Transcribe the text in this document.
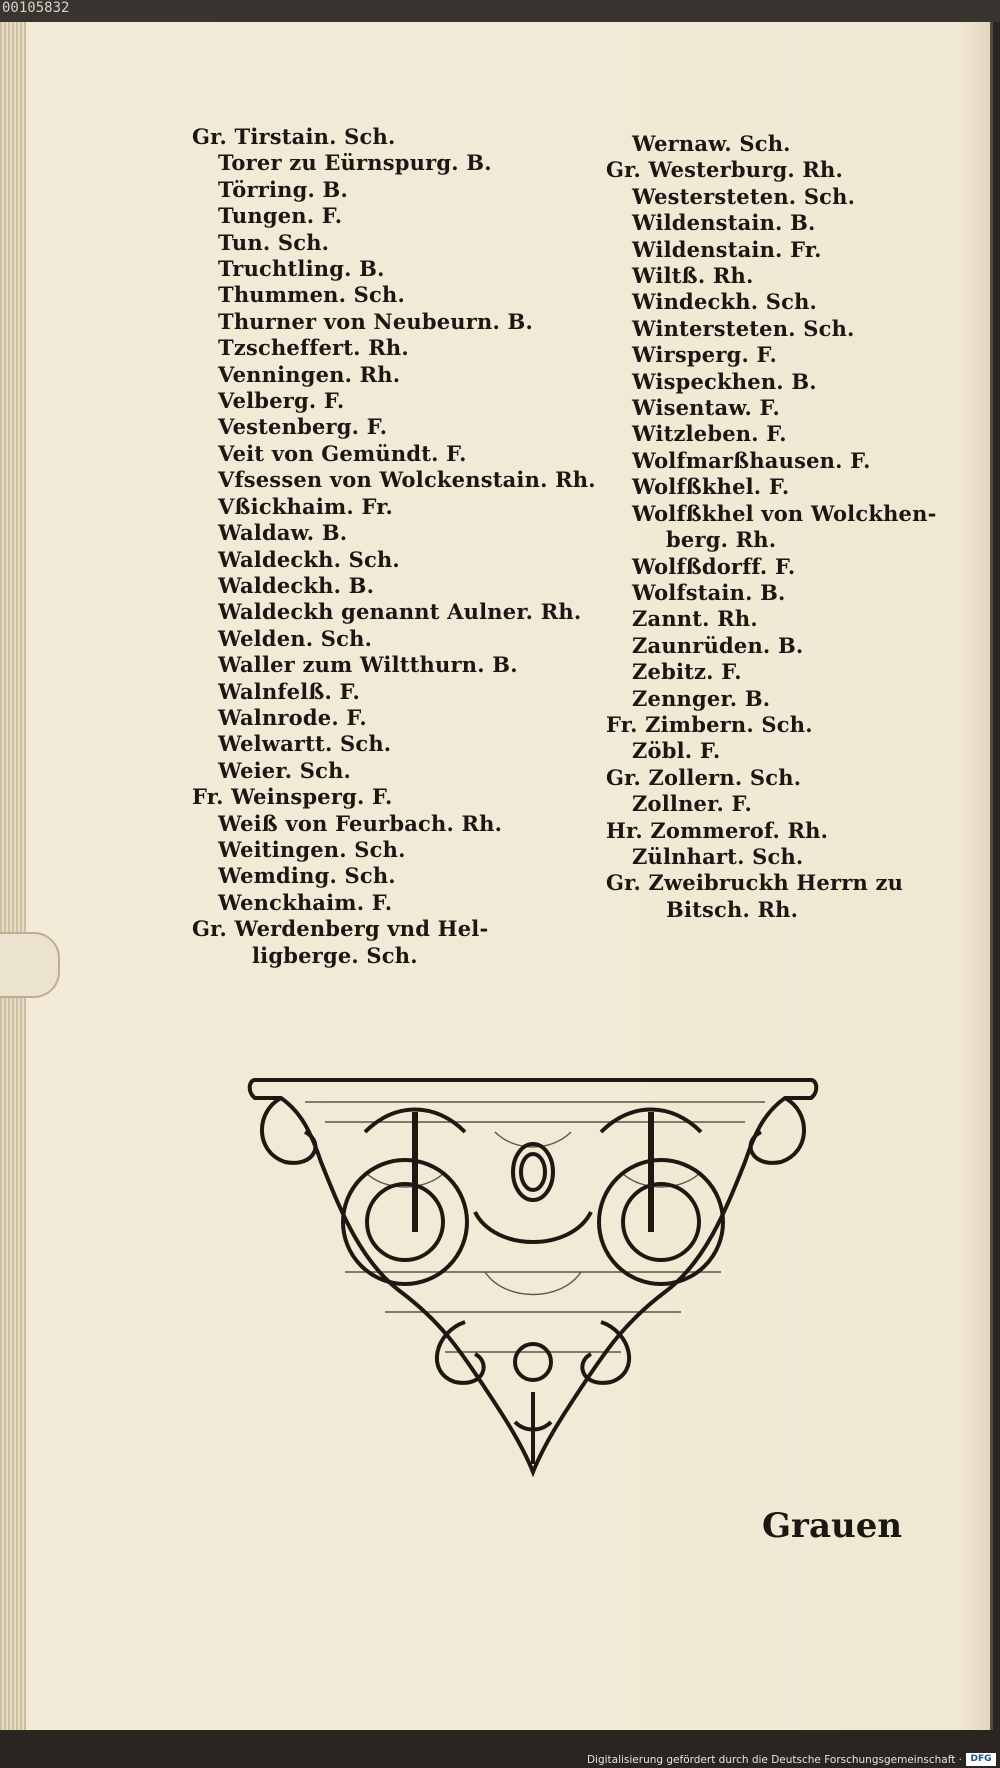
00105832
Gr. Tirstain. Sch.
Torer zu Eürnspurg. B.
Törring. B.
Tungen. F.
Tun. Sch.
Truchtling. B.
Thummen. Sch.
Thurner von Neubeurn. B.
Tzscheffert. Rh.
Venningen. Rh.
Velberg. F.
Vestenberg. F.
Veit von Gemündt. F.
Vfsessen von Wolckenstain. Rh.
Vßickhaim. Fr.
Waldaw. B.
Waldeckh. Sch.
Waldeckh. B.
Waldeckh genannt Aulner. Rh.
Welden. Sch.
Waller zum Wiltthurn. B.
Walnfelß. F.
Walnrode. F.
Welwartt. Sch.
Weier. Sch.
Fr. Weinsperg. F.
Weiß von Feurbach. Rh.
Weitingen. Sch.
Wemding. Sch.
Wenckhaim. F.
Gr. Werdenberg vnd Hel-
ligberge. Sch.
Wernaw. Sch.
Gr. Westerburg. Rh.
Westersteten. Sch.
Wildenstain. B.
Wildenstain. Fr.
Wiltß. Rh.
Windeckh. Sch.
Wintersteten. Sch.
Wirsperg. F.
Wispeckhen. B.
Wisentaw. F.
Witzleben. F.
Wolfmarßhausen. F.
Wolfßkhel. F.
Wolfßkhel von Wolckhen-
berg. Rh.
Wolfßdorff. F.
Wolfstain. B.
Zannt. Rh.
Zaunrüden. B.
Zebitz. F.
Zennger. B.
Fr. Zimbern. Sch.
Zöbl. F.
Gr. Zollern. Sch.
Zollner. F.
Hr. Zommerof. Rh.
Zülnhart. Sch.
Gr. Zweibruckh Herrn zu
Bitsch. Rh.
Grauen
Digitalisierung gefördert durch die Deutsche Forschungsgemeinschaft · DFG
